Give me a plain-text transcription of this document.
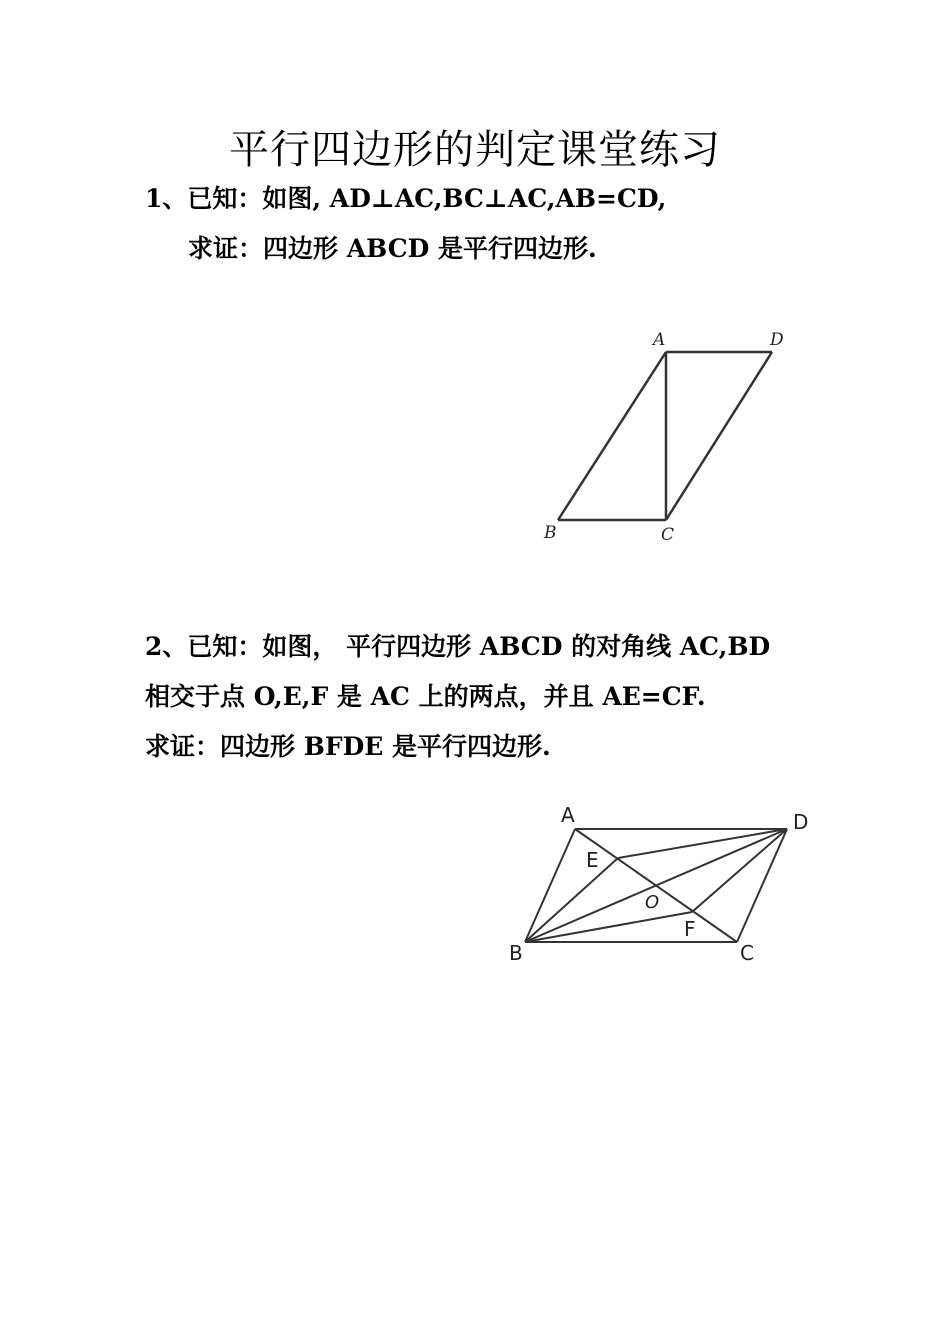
平行四边形的判定课堂练习
1、已知：如图, AD⊥AC,BC⊥AC,AB=CD,
求证：四边形 ABCD 是平行四边形.
A	D
B	C
2、已知：如图， 平行四边形 ABCD 的对角线 AC,BD
相交于点 O,E,F 是 AC 上的两点，并且 AE=CF.
求证：四边形 BFDE 是平行四边形.
A	D
E
O
F
B	C
